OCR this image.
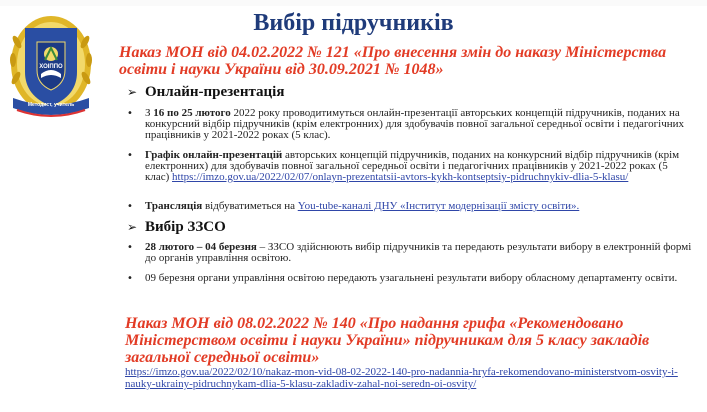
ХОІППО
Методист, учитель
Вибір підручників
Наказ МОН від 04.02.2022 № 121 «Про внесення змін до наказу Міністерства освіти і науки України від 30.09.2021 № 1048»
➢ Онлайн-презентація
• З 16 по 25 лютого 2022 року проводитимуться онлайн-презентації авторських концепцій підручників, поданих на конкурсний відбір підручників (крім електронних) для здобувачів повної загальної середньої освіти і педагогічних працівників у 2021-2022 роках (5 клас).
• Графік онлайн-презентацій авторських концепцій підручників, поданих на конкурсний відбір підручників (крім електронних) для здобувачів повної загальної середньої освіти і педагогічних працівників у 2021-2022 роках (5 клас) https://imzo.gov.ua/2022/02/07/onlayn-prezentatsii-avtors-kykh-kontseptsiy-pidruchnykiv-dlia-5-klasu/
• Трансляція відбуватиметься на You-tube-каналі ДНУ «Інститут модернізації змісту освіти».
➢ Вибір ЗЗСО
• 28 лютого – 04 березня – ЗЗСО здійснюють вибір підручників та передають результати вибору в електронній формі до органів управління освітою.
• 09 березня органи управління освітою передають узагальнені результати вибору обласному департаменту освіти.
Наказ МОН від 08.02.2022 № 140 «Про надання грифа «Рекомендовано Міністерством освіти і науки України» підручникам для 5 класу закладів загальної середньої освіти»
https://imzo.gov.ua/2022/02/10/nakaz-mon-vid-08-02-2022-140-pro-nadannia-hryfa-rekomendovano-ministerstvom-osvity-i-nauky-ukrainy-pidruchnykam-dlia-5-klasu-zakladiv-zahal-noi-seredn-oi-osvity/
